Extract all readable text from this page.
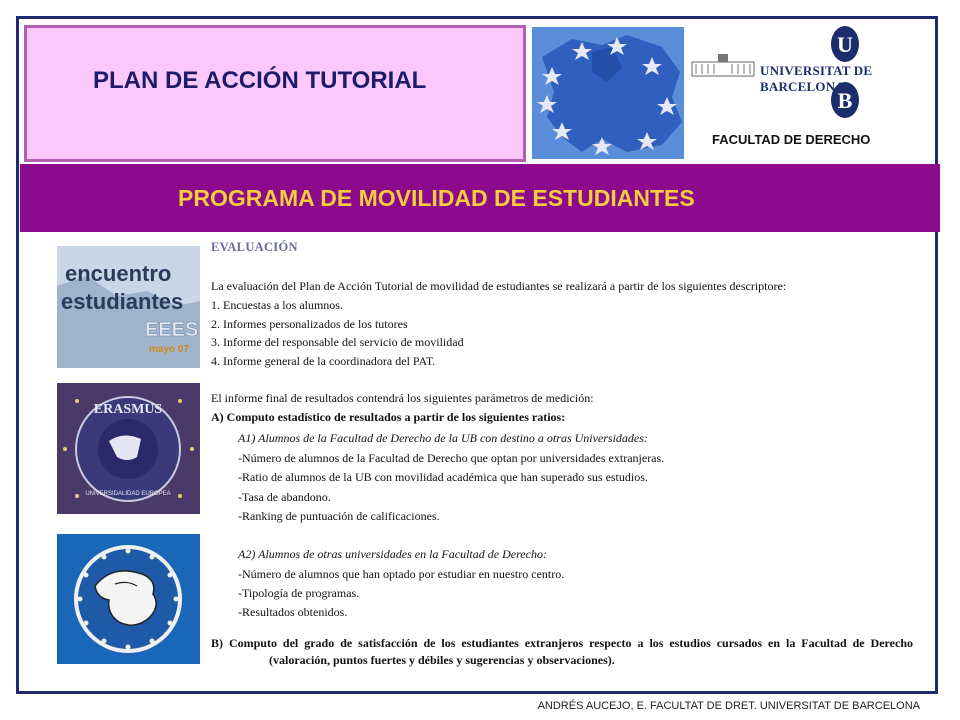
PLAN DE ACCIÓN TUTORIAL
U
B
UNIVERSITAT DE BARCELONA
FACULTAD DE DERECHO
PROGRAMA DE MOVILIDAD DE ESTUDIANTES
encuentro
estudiantes
EEES
mayo 07
ERASMUS
UNIVERSIDALIDAD EUROPEA
EVALUACIÓN
La evaluación del Plan de Acción Tutorial de movilidad de estudiantes se realizará a partir de los siguientes descriptore:
1. Encuestas a los alumnos.
2. Informes personalizados de los tutores
3. Informe del responsable del servicio de movilidad
4. Informe general de la coordinadora del PAT.
El informe final de resultados contendrá los siguientes parámetros de medición:
A) Computo estadístico de resultados a partir de los siguientes ratios:
A1) Alumnos de la Facultad de Derecho de la UB con destino a otras Universidades:
-Número de alumnos de la Facultad de Derecho que optan por universidades extranjeras.
-Ratio de alumnos de la UB con movilidad académica que han superado sus estudios.
-Tasa de abandono.
-Ranking de puntuación de calificaciones.
A2) Alumnos de otras universidades en la Facultad de Derecho:
-Número de alumnos que han optado por estudiar en nuestro centro.
-Tipología de programas.
-Resultados obtenidos.
B) Computo del grado de satisfacción de los estudiantes extranjeros respecto a los estudios cursados en la Facultad de Derecho (valoración, puntos fuertes y débiles y sugerencias y observaciones).
ANDRÉS AUCEJO, E. FACULTAT DE DRET. UNIVERSITAT DE BARCELONA
